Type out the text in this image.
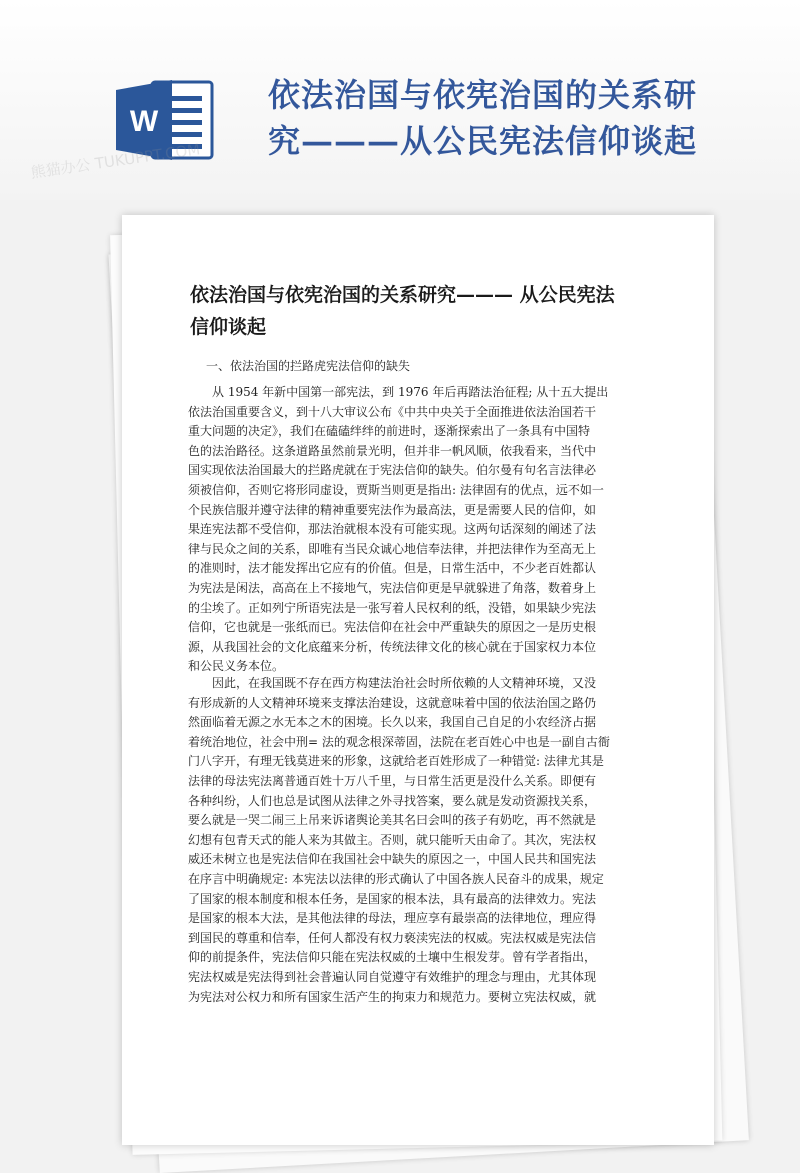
W
依法治国与依宪治国的关系研
究———从公民宪法信仰谈起
熊猫办公 TUKUPPT.COM
依法治国与依宪治国的关系研究——— 从公民宪法
信仰谈起
一、依法治国的拦路虎宪法信仰的缺失
　　从 1954 年新中国第一部宪法，到 1976 年后再踏法治征程; 从十五大提出
依法治国重要含义，到十八大审议公布《中共中央关于全面推进依法治国若干
重大问题的决定》，我们在磕磕绊绊的前进时，逐渐探索出了一条具有中国特
色的法治路径。这条道路虽然前景光明，但并非一帆风顺，依我看来，当代中
国实现依法治国最大的拦路虎就在于宪法信仰的缺失。伯尔曼有句名言法律必
须被信仰，否则它将形同虚设，贾斯当则更是指出: 法律固有的优点，远不如一
个民族信服并遵守法律的精神重要宪法作为最高法，更是需要人民的信仰，如
果连宪法都不受信仰，那法治就根本没有可能实现。这两句话深刻的阐述了法
律与民众之间的关系，即唯有当民众诚心地信奉法律，并把法律作为至高无上
的准则时，法才能发挥出它应有的价值。但是，日常生活中，不少老百姓都认
为宪法是闲法，高高在上不接地气，宪法信仰更是早就躲进了角落，数着身上
的尘埃了。正如列宁所语宪法是一张写着人民权利的纸，没错，如果缺少宪法
信仰，它也就是一张纸而已。宪法信仰在社会中严重缺失的原因之一是历史根
源，从我国社会的文化底蕴来分析，传统法律文化的核心就在于国家权力本位
和公民义务本位。
　　因此，在我国既不存在西方构建法治社会时所依赖的人文精神环境，又没
有形成新的人文精神环境来支撑法治建设，这就意味着中国的依法治国之路仍
然面临着无源之水无本之木的困境。长久以来，我国自己自足的小农经济占据
着统治地位，社会中刑= 法的观念根深蒂固，法院在老百姓心中也是一副自古衙
门八字开，有理无钱莫进来的形象，这就给老百姓形成了一种错觉: 法律尤其是
法律的母法宪法离普通百姓十万八千里，与日常生活更是没什么关系。即便有
各种纠纷，人们也总是试图从法律之外寻找答案，要么就是发动资源找关系，
要么就是一哭二闹三上吊来诉诸舆论美其名曰会叫的孩子有奶吃，再不然就是
幻想有包青天式的能人来为其做主。否则，就只能听天由命了。其次，宪法权
威还未树立也是宪法信仰在我国社会中缺失的原因之一，中国人民共和国宪法
在序言中明确规定: 本宪法以法律的形式确认了中国各族人民奋斗的成果，规定
了国家的根本制度和根本任务，是国家的根本法，具有最高的法律效力。宪法
是国家的根本大法，是其他法律的母法，理应享有最崇高的法律地位，理应得
到国民的尊重和信奉，任何人都没有权力亵渎宪法的权威。宪法权威是宪法信
仰的前提条件，宪法信仰只能在宪法权威的土壤中生根发芽。曾有学者指出，
宪法权威是宪法得到社会普遍认同自觉遵守有效维护的理念与理由，尤其体现
为宪法对公权力和所有国家生活产生的拘束力和规范力。要树立宪法权威，就
